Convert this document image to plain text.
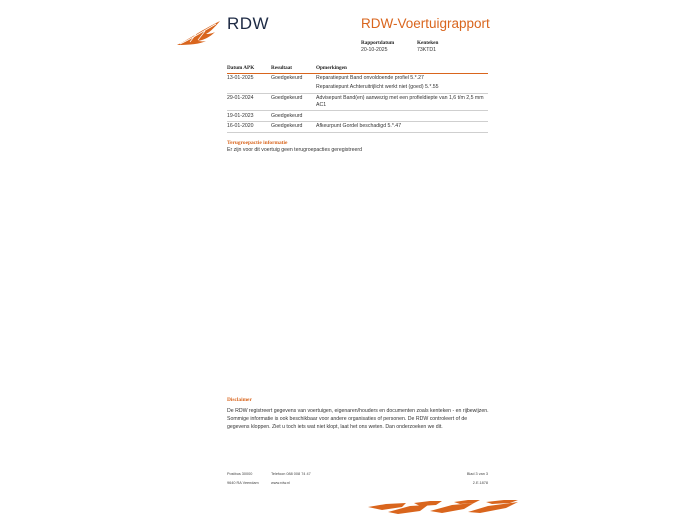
RDW	RDW-Voertuigrapport
Rapportdatum
20-10-2025
Kenteken
73KTD1
Datum APK	Resultaat	Opmerkingen
13-01-2025	Goedgekeurd	Reparatiepunt Band onvoldoende profiel 5.*.27
		Reparatiepunt Achteruitrijlicht werkt niet (goed) 5.*.55
29-01-2024	Goedgekeurd	Advisepunt Band(en) aanwezig met een profieldiepte van 1,6 t/m 2,5 mm AC1
19-01-2023	Goedgekeurd	
16-01-2020	Goedgekeurd	Afkeurpunt Gordel beschadigd 5.*.47
Terugroepactie informatie
Er zijn voor dit voertuig geen terugroepacties geregistreerd
Disclaimer
De RDW registreert gegevens van voertuigen, eigenaren/houders en documenten zoals kenteken - en rijbewijzen. Sommige informatie is ook beschikbaar voor andere organisaties of personen. De RDW controleert of de gegevens kloppen. Ziet u toch iets wat niet klopt, laat het ons weten. Dan onderzoeken we dit.
Postbus 30000
9640 RA Veendam
Telefoon 088 008 74 47
www.rdw.nl
Blad 3 van 3
2.E.1878
